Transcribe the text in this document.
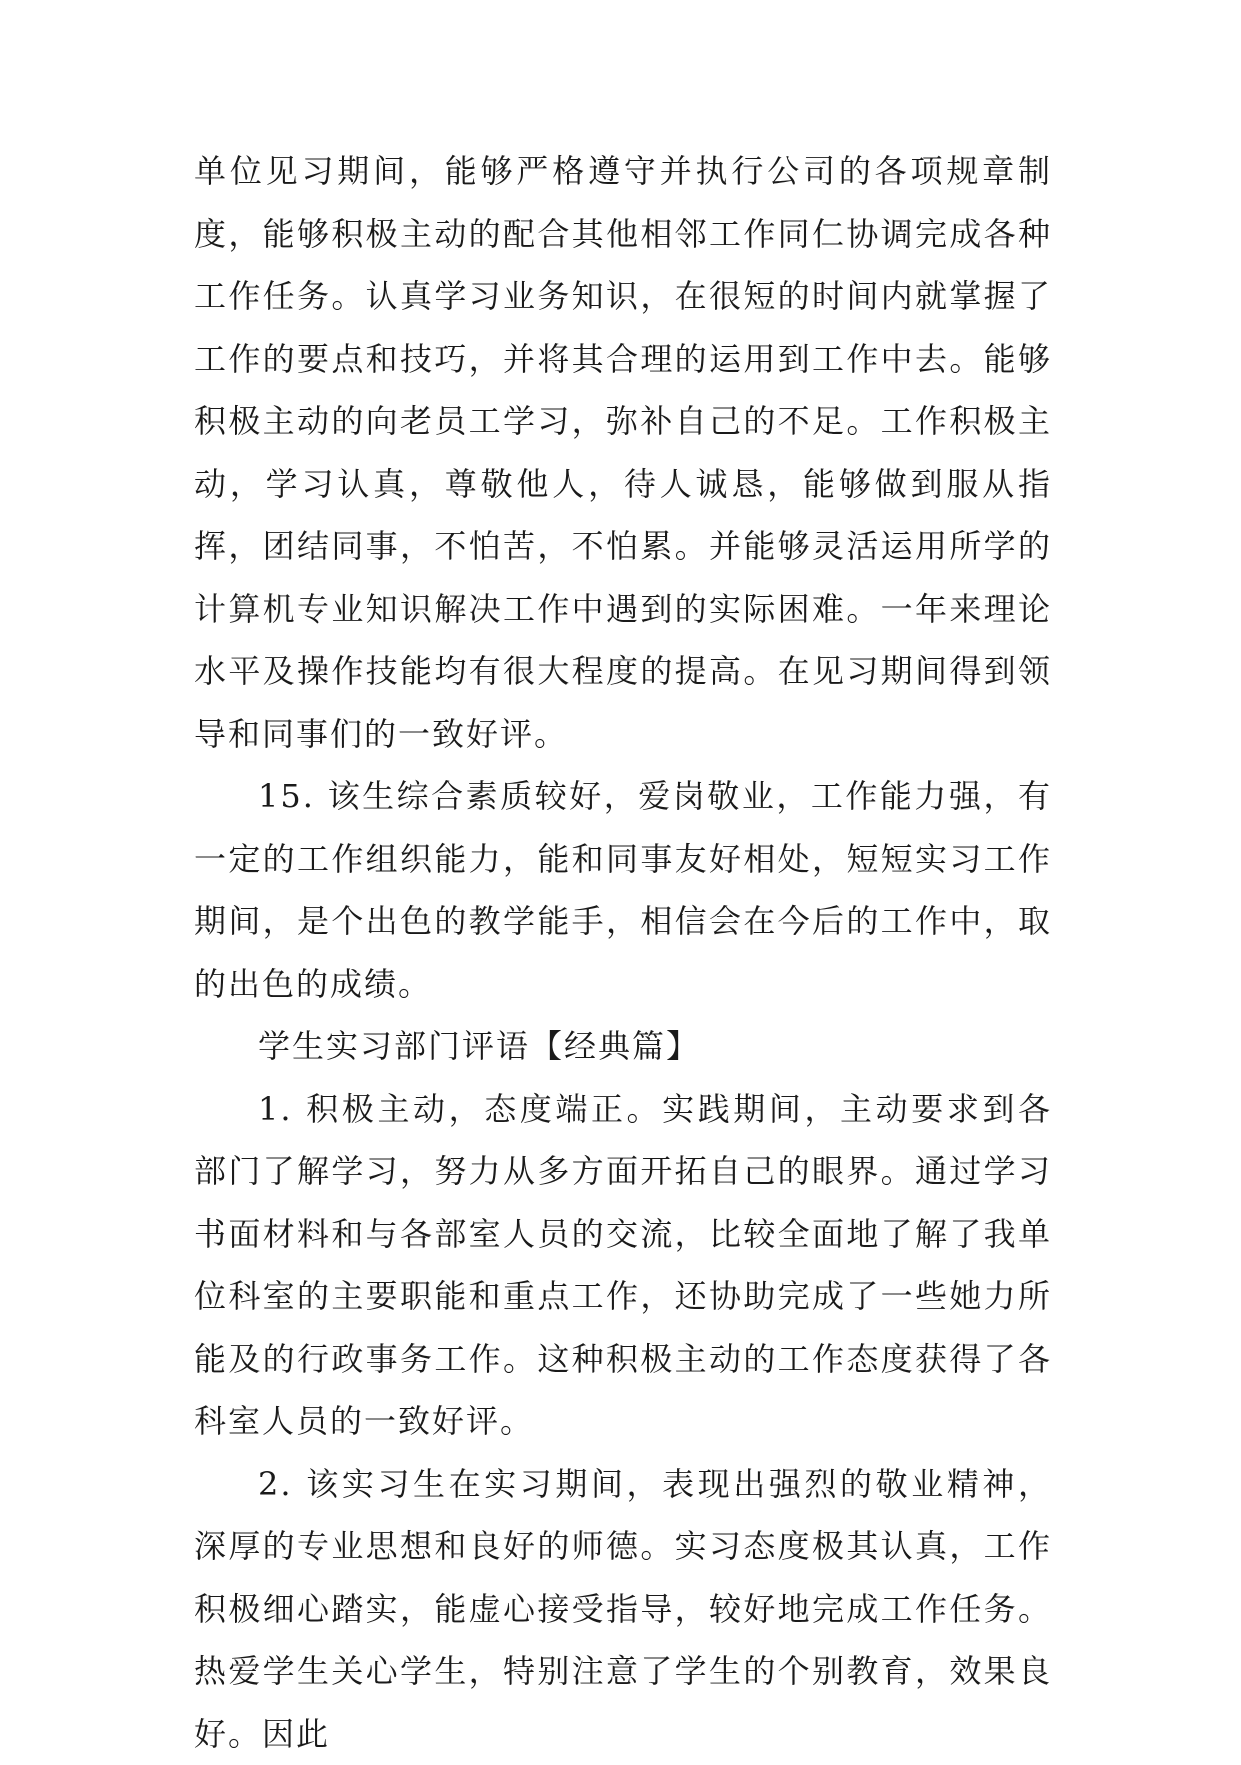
单位见习期间，能够严格遵守并执行公司的各项规章制度，能够积极主动的配合其他相邻工作同仁协调完成各种工作任务。认真学习业务知识，在很短的时间内就掌握了工作的要点和技巧，并将其合理的运用到工作中去。能够积极主动的向老员工学习，弥补自己的不足。工作积极主动，学习认真，尊敬他人，待人诚恳，能够做到服从指挥，团结同事，不怕苦，不怕累。并能够灵活运用所学的计算机专业知识解决工作中遇到的实际困难。一年来理论水平及操作技能均有很大程度的提高。在见习期间得到领导和同事们的一致好评。

15. 该生综合素质较好，爱岗敬业，工作能力强，有一定的工作组织能力，能和同事友好相处，短短实习工作期间，是个出色的教学能手，相信会在今后的工作中，取的出色的成绩。

学生实习部门评语【经典篇】

1. 积极主动，态度端正。实践期间，主动要求到各部门了解学习，努力从多方面开拓自己的眼界。通过学习书面材料和与各部室人员的交流，比较全面地了解了我单位科室的主要职能和重点工作，还协助完成了一些她力所能及的行政事务工作。这种积极主动的工作态度获得了各科室人员的一致好评。

2. 该实习生在实习期间，表现出强烈的敬业精神，深厚的专业思想和良好的师德。实习态度极其认真，工作积极细心踏实，能虚心接受指导，较好地完成工作任务。热爱学生关心学生，特别注意了学生的个别教育，效果良好。因此
